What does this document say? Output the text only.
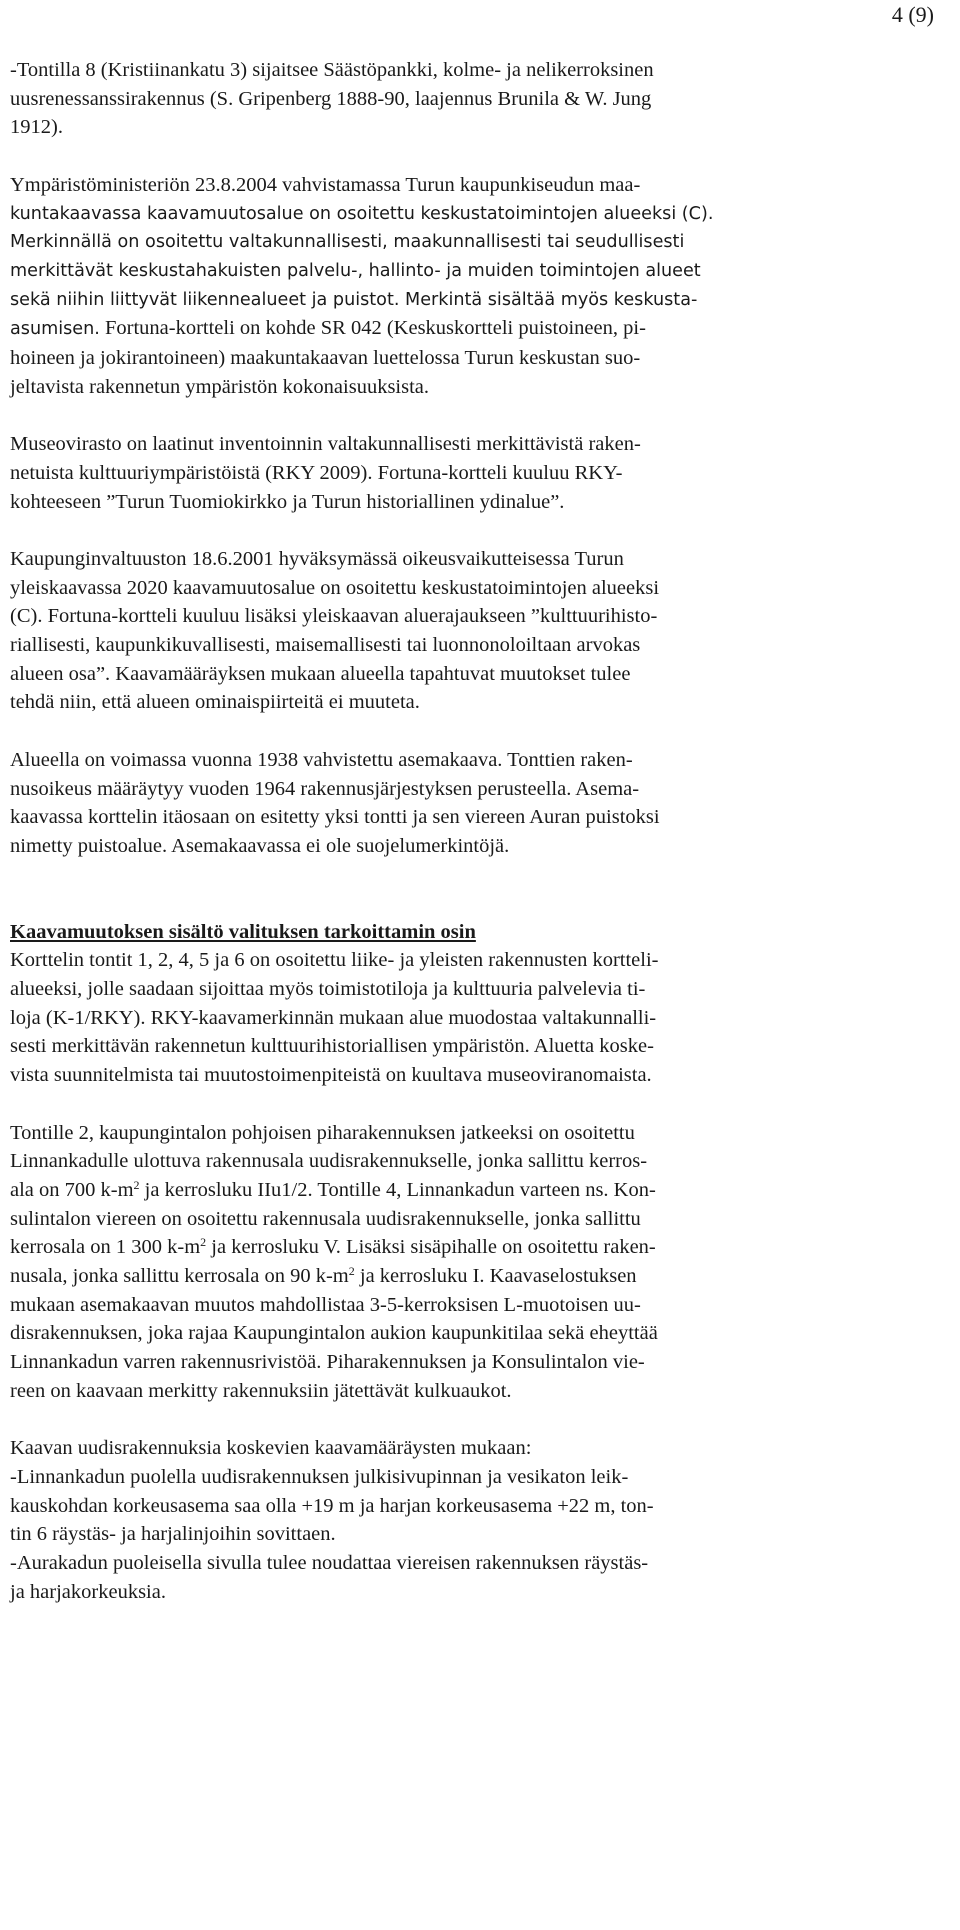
4 (9)
-Tontilla 8 (Kristiinankatu 3) sijaitsee Säästöpankki, kolme- ja nelikerroksinen
uusrenessanssirakennus (S. Gripenberg 1888-90, laajennus Brunila & W. Jung
1912).
Ympäristöministeriön 23.8.2004 vahvistamassa Turun kaupunkiseudun maa-
kuntakaavassa kaavamuutosalue on osoitettu keskustatoimintojen alueeksi (C).
Merkinnällä on osoitettu valtakunnallisesti, maakunnallisesti tai seudullisesti
merkittävät keskustahakuisten palvelu-, hallinto- ja muiden toimintojen alueet
sekä niihin liittyvät liikennealueet ja puistot. Merkintä sisältää myös keskusta-
asumisen. Fortuna-kortteli on kohde SR 042 (Keskuskortteli puistoineen, pi-
hoineen ja jokirantoineen) maakuntakaavan luettelossa Turun keskustan suo-
jeltavista rakennetun ympäristön kokonaisuuksista.
Museovirasto on laatinut inventoinnin valtakunnallisesti merkittävistä raken-
netuista kulttuuriympäristöistä (RKY 2009). Fortuna-kortteli kuuluu RKY-
kohteeseen ”Turun Tuomiokirkko ja Turun historiallinen ydinalue”.
Kaupunginvaltuuston 18.6.2001 hyväksymässä oikeusvaikutteisessa Turun
yleiskaavassa 2020 kaavamuutosalue on osoitettu keskustatoimintojen alueeksi
(C). Fortuna-kortteli kuuluu lisäksi yleiskaavan aluerajaukseen ”kulttuurihisto-
riallisesti, kaupunkikuvallisesti, maisemallisesti tai luonnonoloiltaan arvokas
alueen osa”. Kaavamääräyksen mukaan alueella tapahtuvat muutokset tulee
tehdä niin, että alueen ominaispiirteitä ei muuteta.
Alueella on voimassa vuonna 1938 vahvistettu asemakaava. Tonttien raken-
nusoikeus määräytyy vuoden 1964 rakennusjärjestyksen perusteella. Asema-
kaavassa korttelin itäosaan on esitetty yksi tontti ja sen viereen Auran puistoksi
nimetty puistoalue. Asemakaavassa ei ole suojelumerkintöjä.
Kaavamuutoksen sisältö valituksen tarkoittamin osin
Korttelin tontit 1, 2, 4, 5 ja 6 on osoitettu liike- ja yleisten rakennusten kortteli-
alueeksi, jolle saadaan sijoittaa myös toimistotiloja ja kulttuuria palvelevia ti-
loja (K-1/RKY). RKY-kaavamerkinnän mukaan alue muodostaa valtakunnalli-
sesti merkittävän rakennetun kulttuurihistoriallisen ympäristön. Aluetta koske-
vista suunnitelmista tai muutostoimenpiteistä on kuultava museoviranomaista.
Tontille 2, kaupungintalon pohjoisen piharakennuksen jatkeeksi on osoitettu
Linnankadulle ulottuva rakennusala uudisrakennukselle, jonka sallittu kerros-
ala on 700 $k-m^2$ ja kerrosluku IIu1/2. Tontille 4, Linnankadun varteen ns. Kon-
sulintalon viereen on osoitettu rakennusala uudisrakennukselle, jonka sallittu
kerrosala on 1 300 $k-m^2$ ja kerrosluku V. Lisäksi sisäpihalle on osoitettu raken-
nusala, jonka sallittu kerrosala on 90 $k-m^2$ ja kerrosluku I. Kaavaselostuksen
mukaan asemakaavan muutos mahdollistaa 3-5-kerroksisen L-muotoisen uu-
disrakennuksen, joka rajaa Kaupungintalon aukion kaupunkitilaa sekä eheyttää
Linnankadun varren rakennusrivistöä. Piharakennuksen ja Konsulintalon vie-
reen on kaavaan merkitty rakennuksiin jätettävät kulkuaukot.
Kaavan uudisrakennuksia koskevien kaavamääräysten mukaan:
-Linnankadun puolella uudisrakennuksen julkisivupinnan ja vesikaton leik-
kauskohdan korkeusasema saa olla +19 m ja harjan korkeusasema +22 m, ton-
tin 6 räystäs- ja harjalinjoihin sovittaen.
-Aurakadun puoleisella sivulla tulee noudattaa viereisen rakennuksen räystäs-
ja harjakorkeuksia.
